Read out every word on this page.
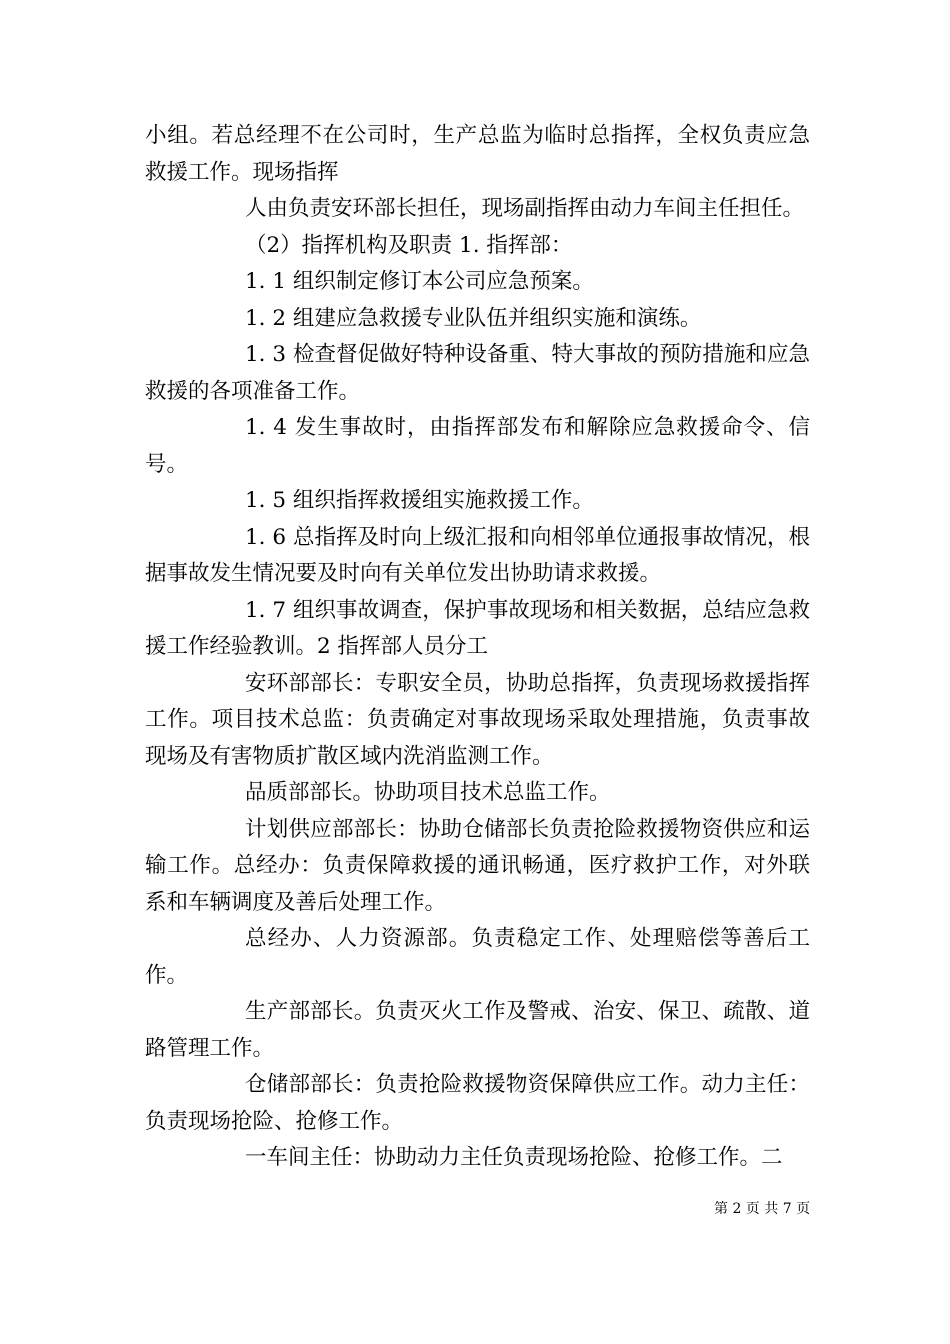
小组。若总经理不在公司时，生产总监为临时总指挥，全权负责应急救援工作。现场指挥

人由负责安环部长担任，现场副指挥由动力车间主任担任。

（2）指挥机构及职责 1. 指挥部：

1. 1 组织制定修订本公司应急预案。

1. 2 组建应急救援专业队伍并组织实施和演练。

1. 3 检查督促做好特种设备重、特大事故的预防措施和应急救援的各项准备工作。

1. 4 发生事故时，由指挥部发布和解除应急救援命令、信号。

1. 5 组织指挥救援组实施救援工作。

1. 6 总指挥及时向上级汇报和向相邻单位通报事故情况，根据事故发生情况要及时向有关单位发出协助请求救援。

1. 7 组织事故调查，保护事故现场和相关数据，总结应急救援工作经验教训。2 指挥部人员分工

安环部部长：专职安全员，协助总指挥，负责现场救援指挥工作。项目技术总监：负责确定对事故现场采取处理措施，负责事故现场及有害物质扩散区域内洗消监测工作。

品质部部长。协助项目技术总监工作。

计划供应部部长：协助仓储部长负责抢险救援物资供应和运输工作。总经办：负责保障救援的通讯畅通，医疗救护工作，对外联系和车辆调度及善后处理工作。

总经办、人力资源部。负责稳定工作、处理赔偿等善后工作。

生产部部长。负责灭火工作及警戒、治安、保卫、疏散、道路管理工作。

仓储部部长：负责抢险救援物资保障供应工作。动力主任：负责现场抢险、抢修工作。

一车间主任：协助动力主任负责现场抢险、抢修工作。二

第 2 页 共 7 页
